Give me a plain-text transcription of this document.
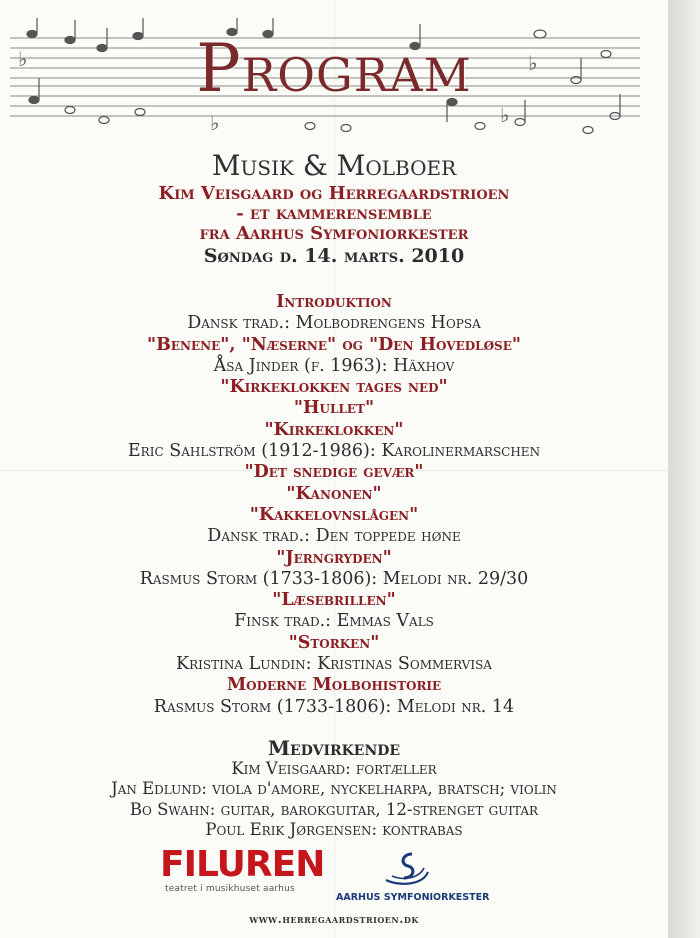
♭
♭	♭
♭
Program
Musik & Molboer
Kim Veisgaard og Herregaardstrioen
- et kammerensemble
fra Aarhus Symfoniorkester
Søndag d. 14. marts. 2010
Introduktion
Dansk trad.: Molbodrengens Hopsa
"Benene", "Næserne" og "Den Hovedløse"
Åsa Jinder (f. 1963): Häxhov
"Kirkeklokken tages ned"
"Hullet"
"Kirkeklokken"
Eric Sahlström (1912-1986): Karolinermarschen
"Det snedige gevær"
"Kanonen"
"Kakkelovnslågen"
Dansk trad.: Den toppede høne
"Jerngryden"
Rasmus Storm (1733-1806): Melodi nr. 29/30
"Læsebrillen"
Finsk trad.: Emmas Vals
"Storken"
Kristina Lundin: Kristinas Sommervisa
Moderne Molbohistorie
Rasmus Storm (1733-1806): Melodi nr. 14
Medvirkende
Kim Veisgaard: fortæller
Jan Edlund: viola d'amore, nyckelharpa, bratsch; violin
Bo Swahn: guitar, barokguitar, 12-strenget guitar
Poul Erik Jørgensen: kontrabas
FILUREN
teatret i musikhuset aarhus
AARHUS SYMFONIORKESTER
www.herregaardstrioen.dk
